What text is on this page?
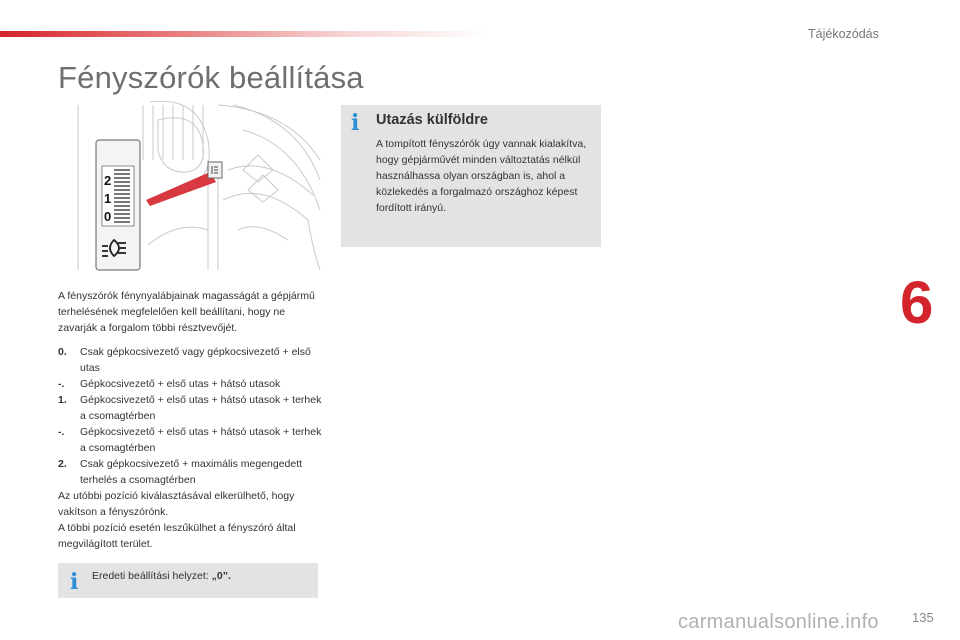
Tájékozódás
Fényszórók beállítása
2
1
0
A fényszórók fénynyalábjainak magasságát a gépjármű terhelésének megfelelően kell beállítani, hogy ne zavarják a forgalom többi résztvevőjét.
0.	Csak gépkocsivezető vagy gépkocsivezető + első utas
-.	Gépkocsivezető + első utas + hátsó utasok
1.	Gépkocsivezető + első utas + hátsó utasok + terhek a csomagtérben
-.	Gépkocsivezető + első utas + hátsó utasok + terhek a csomagtérben
2.	Csak gépkocsivezető + maximális megengedett terhelés a csomagtérben
Az utóbbi pozíció kiválasztásával elkerülhető, hogy vakítson a fényszórónk.
A többi pozíció esetén leszűkülhet a fényszóró által megvilágított terület.
i Eredeti beállítási helyzet: „0”.
i Utazás külföldre
A tompított fényszórók úgy vannak kialakítva, hogy gépjárművét minden változtatás nélkül használhassa olyan országban is, ahol a közlekedés a forgalmazó országhoz képest fordított irányú.
6
carmanualsonline.info	135
